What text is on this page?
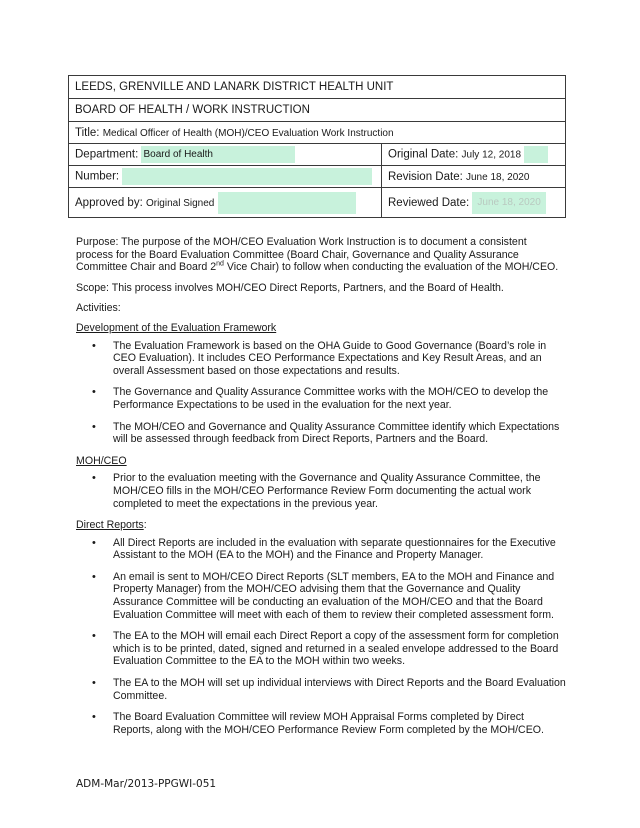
LEEDS, GRENVILLE AND LANARK DISTRICT HEALTH UNIT	
BOARD OF HEALTH / WORK INSTRUCTION	
Title: Medical Officer of Health (MOH)/CEO Evaluation Work Instruction	
Department: Board of Health	Original Date: July 12, 2018
Number:	Revision Date: June 18, 2020
Approved by: Original Signed	Reviewed Date: June 18, 2020

Purpose: The purpose of the MOH/CEO Evaluation Work Instruction is to document a consistent process for the Board Evaluation Committee (Board Chair, Governance and Quality Assurance Committee Chair and Board 2nd Vice Chair) to follow when conducting the evaluation of the MOH/CEO.

Scope: This process involves MOH/CEO Direct Reports, Partners, and the Board of Health.

Activities:

Development of the Evaluation Framework

• The Evaluation Framework is based on the OHA Guide to Good Governance (Board’s role in CEO Evaluation). It includes CEO Performance Expectations and Key Result Areas, and an overall Assessment based on those expectations and results.
• The Governance and Quality Assurance Committee works with the MOH/CEO to develop the Performance Expectations to be used in the evaluation for the next year.
• The MOH/CEO and Governance and Quality Assurance Committee identify which Expectations will be assessed through feedback from Direct Reports, Partners and the Board.

MOH/CEO

• Prior to the evaluation meeting with the Governance and Quality Assurance Committee, the MOH/CEO fills in the MOH/CEO Performance Review Form documenting the actual work completed to meet the expectations in the previous year.

Direct Reports:

• All Direct Reports are included in the evaluation with separate questionnaires for the Executive Assistant to the MOH (EA to the MOH) and the Finance and Property Manager.
• An email is sent to MOH/CEO Direct Reports (SLT members, EA to the MOH and Finance and Property Manager) from the MOH/CEO advising them that the Governance and Quality Assurance Committee will be conducting an evaluation of the MOH/CEO and that the Board Evaluation Committee will meet with each of them to review their completed assessment form.
• The EA to the MOH will email each Direct Report a copy of the assessment form for completion which is to be printed, dated, signed and returned in a sealed envelope addressed to the Board Evaluation Committee to the EA to the MOH within two weeks.
• The EA to the MOH will set up individual interviews with Direct Reports and the Board Evaluation Committee.
• The Board Evaluation Committee will review MOH Appraisal Forms completed by Direct Reports, along with the MOH/CEO Performance Review Form completed by the MOH/CEO.
ADM-Mar/2013-PPGWI-051
